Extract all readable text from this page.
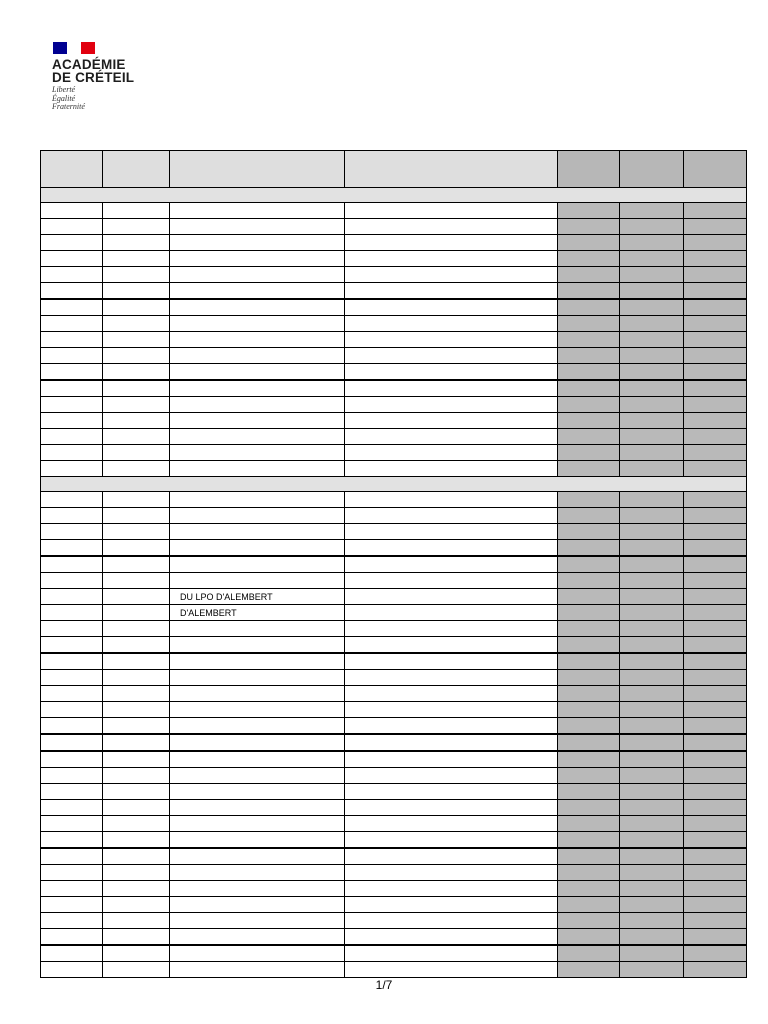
ACADÉMIE
DE CRÉTEIL
Liberté
Égalité
Fraternité

		DU LPO D'ALEMBERT				
		D'ALEMBERT				

1/7
